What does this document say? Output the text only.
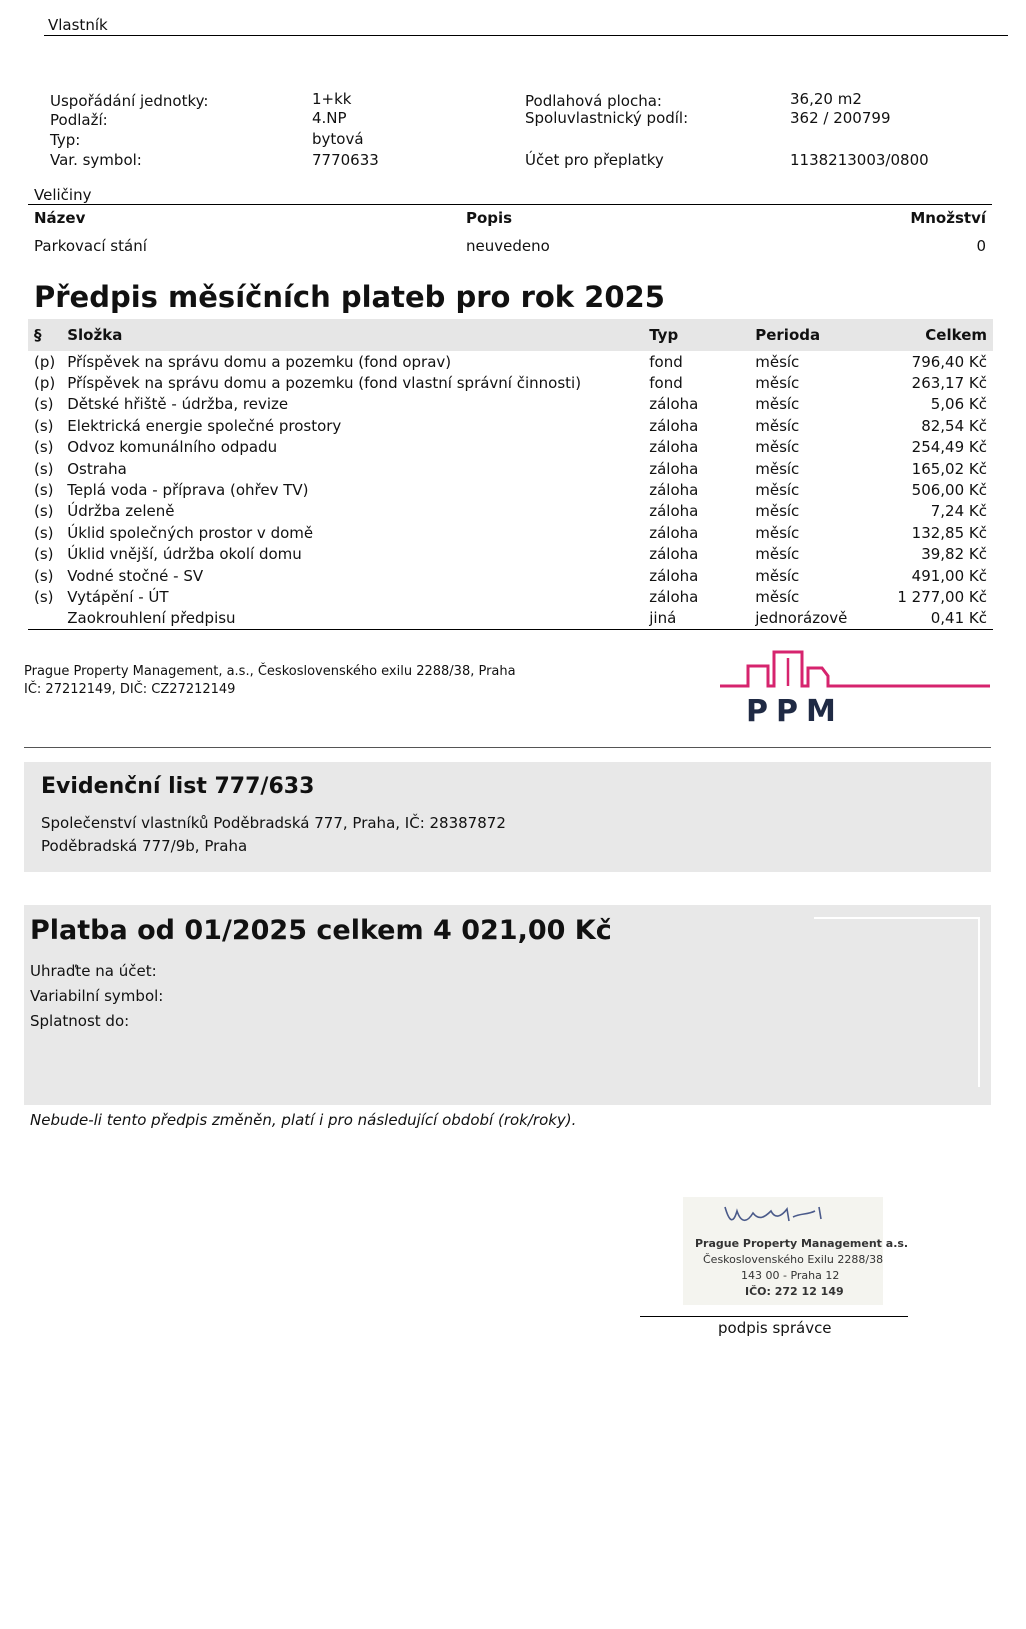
Vlastník
Uspořádání jednotky:	1+kk
Podlaží:	4.NP
Typ:	bytová
Var. symbol:	7770633
Podlahová plocha:	36,20 m2
Spoluvlastnický podíl:	362 / 200799
Účet pro přeplatky	1138213003/0800
Veličiny
Název	Popis	Množství
Parkovací stání	neuvedeno	0
Předpis měsíčních plateb pro rok 2025
§	Složka	Typ	Perioda	Celkem
(p)	Příspěvek na správu domu a pozemku (fond oprav)	fond	měsíc	796,40 Kč
(p)	Příspěvek na správu domu a pozemku (fond vlastní správní činnosti)	fond	měsíc	263,17 Kč
(s)	Dětské hřiště - údržba, revize	záloha	měsíc	5,06 Kč
(s)	Elektrická energie společné prostory	záloha	měsíc	82,54 Kč
(s)	Odvoz komunálního odpadu	záloha	měsíc	254,49 Kč
(s)	Ostraha	záloha	měsíc	165,02 Kč
(s)	Teplá voda - příprava (ohřev TV)	záloha	měsíc	506,00 Kč
(s)	Údržba zeleně	záloha	měsíc	7,24 Kč
(s)	Úklid společných prostor v domě	záloha	měsíc	132,85 Kč
(s)	Úklid vnější, údržba okolí domu	záloha	měsíc	39,82 Kč
(s)	Vodné stočné - SV	záloha	měsíc	491,00 Kč
(s)	Vytápění - ÚT	záloha	měsíc	1 277,00 Kč
	Zaokrouhlení předpisu	jiná	jednorázově	0,41 Kč
Prague Property Management, a.s., Československého exilu 2288/38, Praha
IČ: 27212149, DIČ: CZ27212149
PPM
Evidenční list 777/633
Společenství vlastníků Poděbradská 777, Praha, IČ: 28387872
Poděbradská 777/9b, Praha
Platba od 01/2025 celkem 4 021,00 Kč
Uhraďte na účet:
Variabilní symbol:
Splatnost do:
Nebude-li tento předpis změněn, platí i pro následující období (rok/roky).
Prague Property Management a.s.
Československého Exilu 2288/38
143 00 - Praha 12
IČO: 272 12 149
podpis správce
